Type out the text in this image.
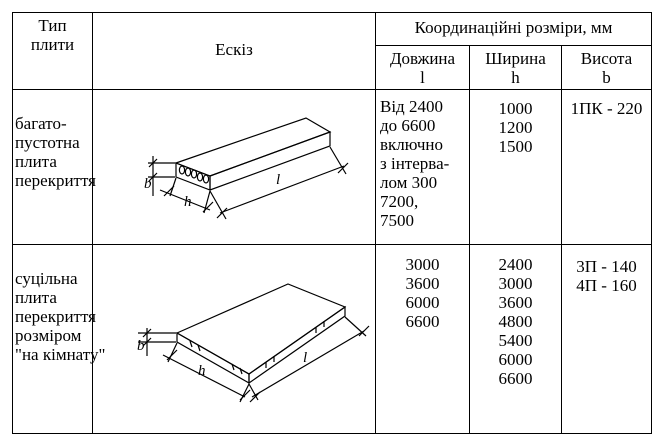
Тип
плити	Ескіз
Координаційні розміри, мм
Довжина
l
Ширина
h
Висота
b
багато-
пустотна
плита
перекриття
Від 2400
до 6600
включно
з інтерва-
лом 300
7200,
7500
1000
1200
1500
1ПК - 220
суцільна
плита
перекриття
розміром
"на кімнату"
3000
3600
6000
6600
2400
3000
3600
4800
5400
6000
6600
3П - 140
4П - 160
b
h
l
b
h
l
